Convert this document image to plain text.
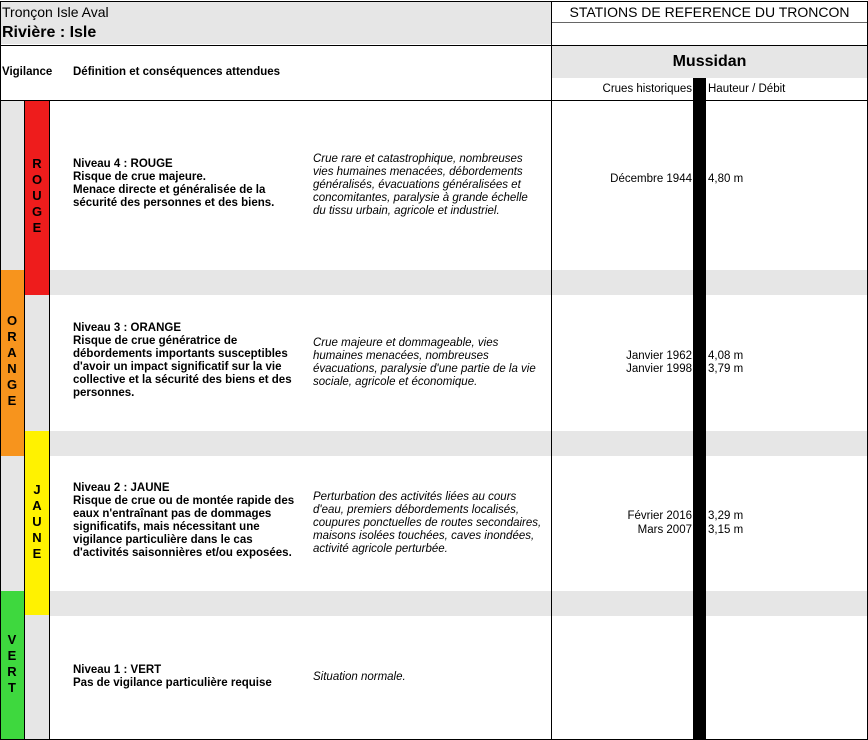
Tronçon Isle Aval
Rivière : Isle
STATIONS DE REFERENCE DU TRONCON
Mussidan
Vigilance Définition et conséquences attendues
Crues historiques Hauteur / Débit
R
O
U
G
E
O
R
A
N
G
E
J
A
U
N
E
V
E
R
T
Niveau 4 : ROUGE
Risque de crue majeure.
Menace directe et généralisée de la
sécurité des personnes et des biens.
Crue rare et catastrophique, nombreuses
vies humaines menacées, débordements
généralisés, évacuations généralisées et
concomitantes, paralysie à grande échelle
du tissu urbain, agricole et industriel.
Décembre 1944 4,80 m
Niveau 3 : ORANGE
Risque de crue génératrice de
débordements importants susceptibles
d'avoir un impact significatif sur la vie
collective et la sécurité des biens et des
personnes.
Crue majeure et dommageable, vies
humaines menacées, nombreuses
évacuations, paralysie d'une partie de la vie
sociale, agricole et économique.
Janvier 1962 4,08 m
Janvier 1998 3,79 m
Niveau 2 : JAUNE
Risque de crue ou de montée rapide des
eaux n'entraînant pas de dommages
significatifs, mais nécessitant une
vigilance particulière dans le cas
d'activités saisonnières et/ou exposées.
Perturbation des activités liées au cours
d'eau, premiers débordements localisés,
coupures ponctuelles de routes secondaires,
maisons isolées touchées, caves inondées,
activité agricole perturbée.
Février 2016 3,29 m
Mars 2007 3,15 m
Niveau 1 : VERT
Pas de vigilance particulière requise	Situation normale.
